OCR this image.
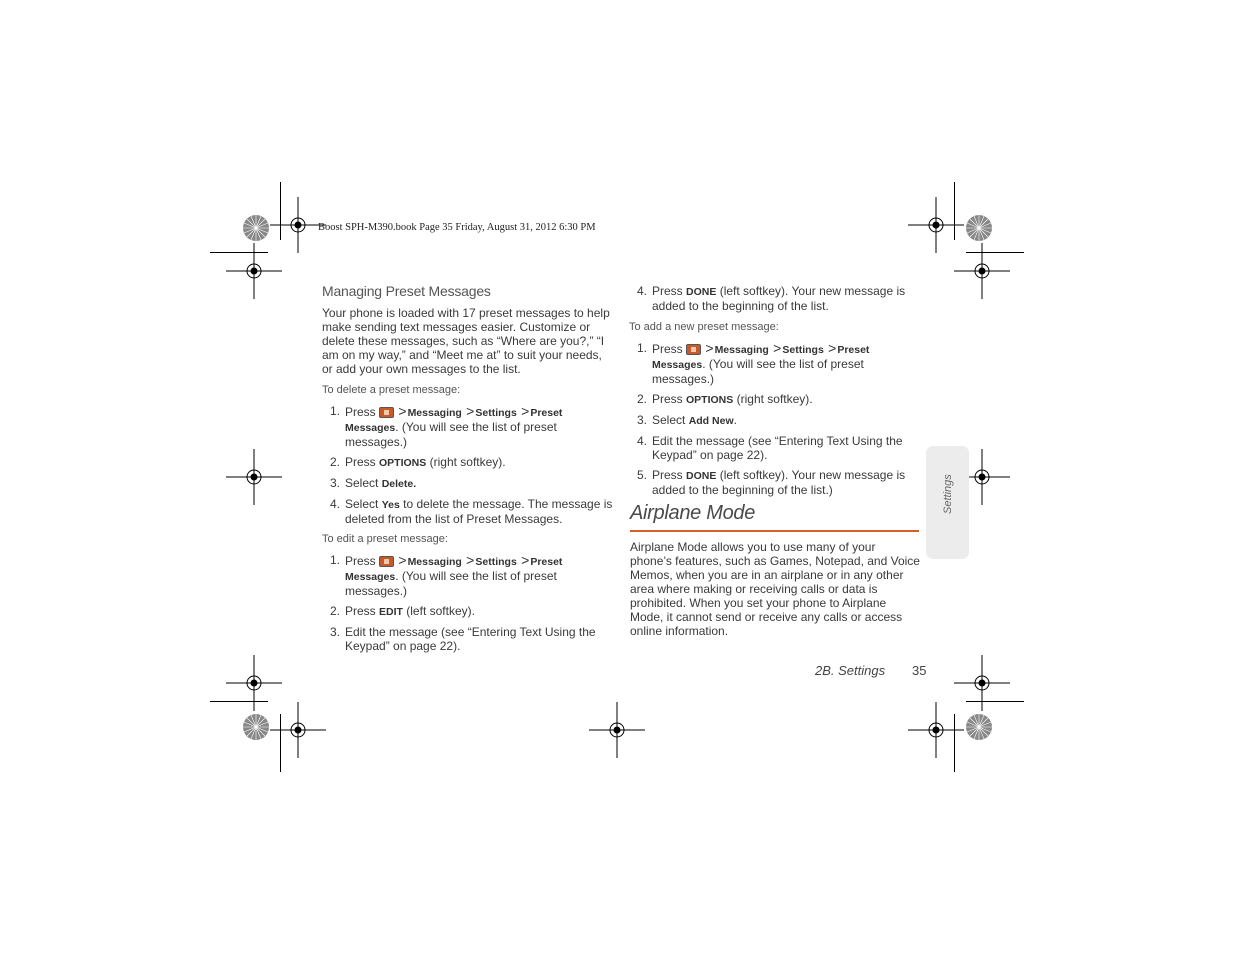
Boost SPH-M390.book Page 35 Friday, August 31, 2012 6:30 PM

Managing Preset Messages

Your phone is loaded with 17 preset messages to help make sending text messages easier. Customize or delete these messages, such as “Where are you?,” “I am on my way,” and “Meet me at” to suit your needs, or add your own messages to the list.

To delete a preset message:

1. Press >Messaging >Settings >Preset Messages. (You will see the list of preset messages.)
2. Press OPTIONS (right softkey).
3. Select Delete.
4. Select Yes to delete the message. The message is deleted from the list of Preset Messages.

To edit a preset message:

1. Press >Messaging >Settings >Preset Messages. (You will see the list of preset messages.)
2. Press EDIT (left softkey).
3. Edit the message (see “Entering Text Using the Keypad” on page 22).
4. Press DONE (left softkey). Your new message is added to the beginning of the list.

To add a new preset message:

1. Press >Messaging >Settings >Preset Messages. (You will see the list of preset messages.)
2. Press OPTIONS (right softkey).
3. Select Add New.
4. Edit the message (see “Entering Text Using the Keypad” on page 22).
5. Press DONE (left softkey). Your new message is added to the beginning of the list.)
Airplane Mode

Airplane Mode allows you to use many of your phone’s features, such as Games, Notepad, and Voice Memos, when you are in an airplane or in any other area where making or receiving calls or data is prohibited. When you set your phone to Airplane Mode, it cannot send or receive any calls or access online information.

Settings
2B. Settings 35
